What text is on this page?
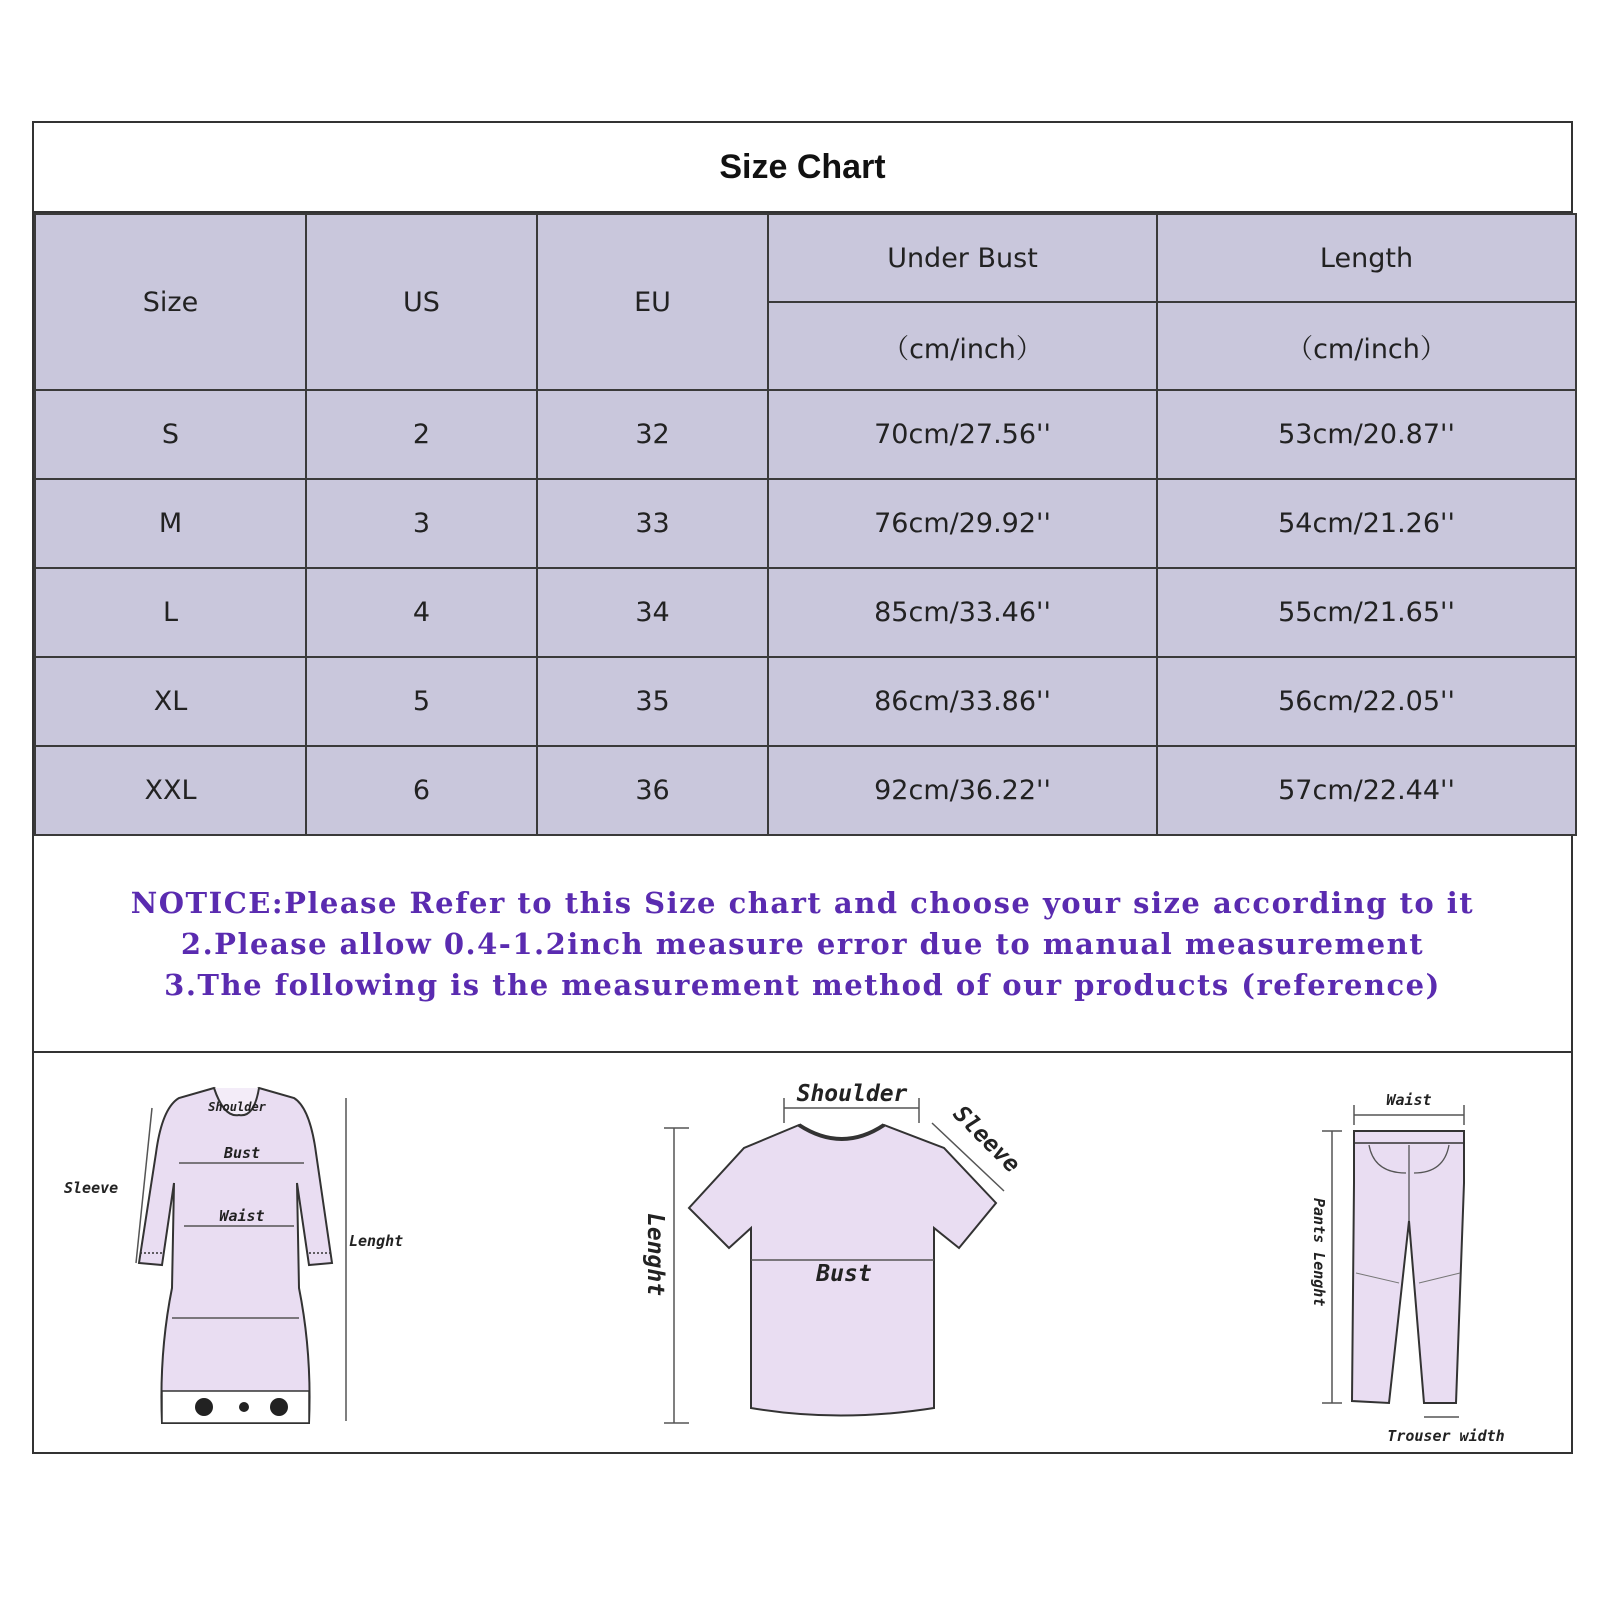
Size Chart
Size	US	EU	Under Bust	Length
			（cm/inch）	（cm/inch）
S	2	32	70cm/27.56''	53cm/20.87''
M	3	33	76cm/29.92''	54cm/21.26''
L	4	34	85cm/33.46''	55cm/21.65''
XL	5	35	86cm/33.86''	56cm/22.05''
XXL	6	36	92cm/36.22''	57cm/22.44''
NOTICE:Please Refer to this Size chart and choose your size according to it
2.Please allow 0.4-1.2inch measure error due to manual measurement
3.The following is the measurement method of our products (reference)
Shoulder
Bust
Waist
Sleeve
Lenght
Shoulder
Sleeve
Lenght	Bust
Waist
Pants Lenght
Trouser width
